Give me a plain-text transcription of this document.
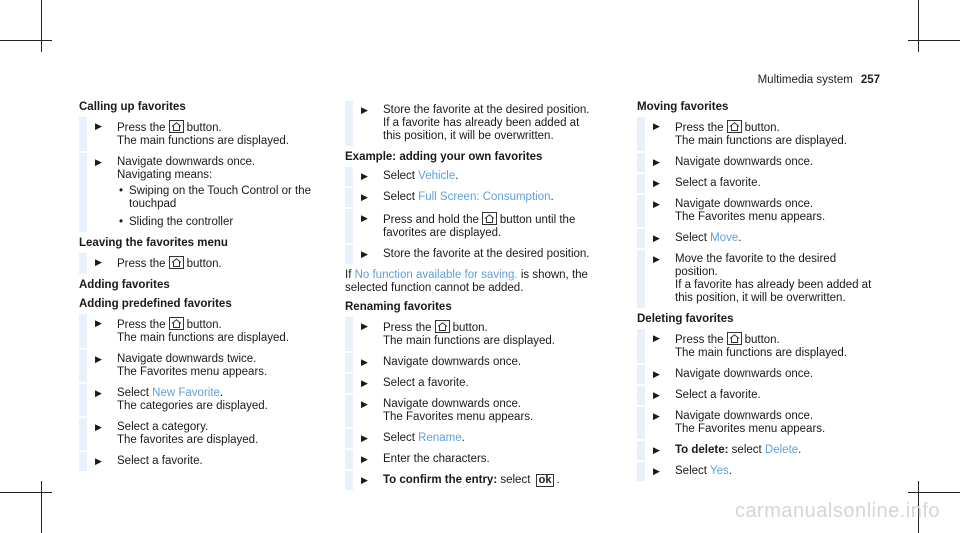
Multimedia system 257
Calling up favorites
▶ Press the button.
The main functions are displayed.
▶ Navigate downwards once.
Navigating means:
• Swiping on the Touch Control or the touchpad
• Sliding the controller
Leaving the favorites menu
▶ Press the button.
Adding favorites
Adding predefined favorites
▶ Press the button.
The main functions are displayed.
▶ Navigate downwards twice.
The Favorites menu appears.
▶ Select New Favorite.
The categories are displayed.
▶ Select a category.
The favorites are displayed.
▶ Select a favorite.
▶ Store the favorite at the desired position.
If a favorite has already been added at this position, it will be overwritten.
Example: adding your own favorites
▶ Select Vehicle.
▶ Select Full Screen: Consumption.
▶ Press and hold the button until the favorites are displayed.
▶ Store the favorite at the desired position.

If No function available for saving. is shown, the selected function cannot be added.

Renaming favorites
▶ Press the button.
The main functions are displayed.
▶ Navigate downwards once.
▶ Select a favorite.
▶ Navigate downwards once.
The Favorites menu appears.
▶ Select Rename.
▶ Enter the characters.
▶ To confirm the entry: select ok .
Moving favorites
▶ Press the button.
The main functions are displayed.
▶ Navigate downwards once.
▶ Select a favorite.
▶ Navigate downwards once.
The Favorites menu appears.
▶ Select Move.
▶ Move the favorite to the desired position.
If a favorite has already been added at this position, it will be overwritten.
Deleting favorites
▶ Press the button.
The main functions are displayed.
▶ Navigate downwards once.
▶ Select a favorite.
▶ Navigate downwards once.
The Favorites menu appears.
▶ To delete: select Delete.
▶ Select Yes.
carmanualsonline.info
